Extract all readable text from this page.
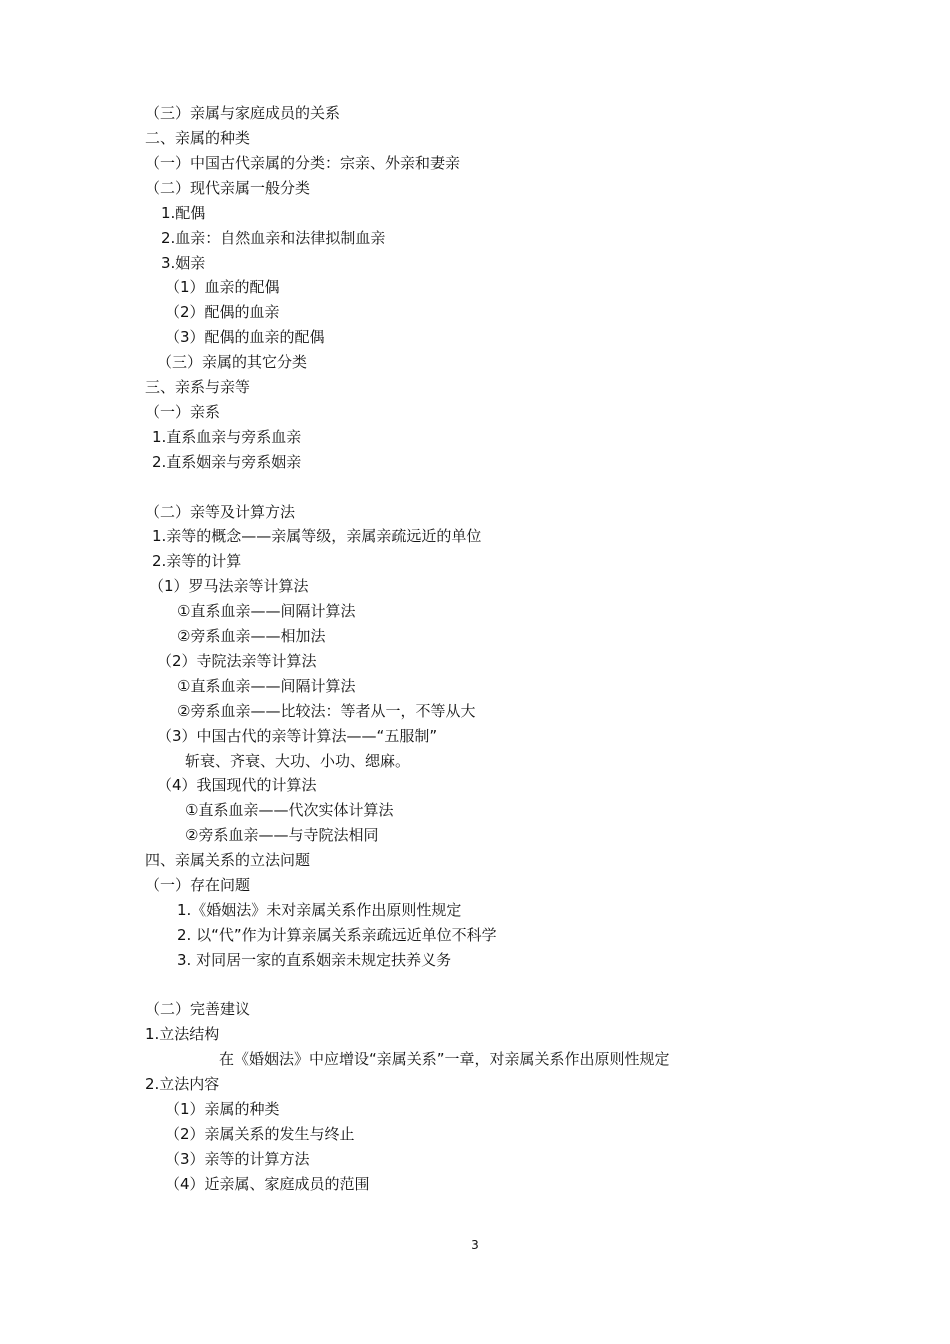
（三）亲属与家庭成员的关系
二、亲属的种类
（一）中国古代亲属的分类：宗亲、外亲和妻亲
（二）现代亲属一般分类
1.配偶
2.血亲：自然血亲和法律拟制血亲
3.姻亲
（1）血亲的配偶
（2）配偶的血亲
（3）配偶的血亲的配偶
（三）亲属的其它分类
三、亲系与亲等
（一）亲系
1.直系血亲与旁系血亲
2.直系姻亲与旁系姻亲
（二）亲等及计算方法
1.亲等的概念——亲属等级，亲属亲疏远近的单位
2.亲等的计算
（1）罗马法亲等计算法
①直系血亲——间隔计算法
②旁系血亲——相加法
（2）寺院法亲等计算法
①直系血亲——间隔计算法
②旁系血亲——比较法：等者从一，不等从大
（3）中国古代的亲等计算法——“五服制”
斩衰、齐衰、大功、小功、缌麻。
（4）我国现代的计算法
①直系血亲——代次实体计算法
②旁系血亲——与寺院法相同
四、亲属关系的立法问题
（一）存在问题
1.《婚姻法》未对亲属关系作出原则性规定
2. 以“代”作为计算亲属关系亲疏远近单位不科学
3. 对同居一家的直系姻亲未规定扶养义务
（二）完善建议
1.立法结构
在《婚姻法》中应增设“亲属关系”一章，对亲属关系作出原则性规定
2.立法内容
（1）亲属的种类
（2）亲属关系的发生与终止
（3）亲等的计算方法
（4）近亲属、家庭成员的范围
3
